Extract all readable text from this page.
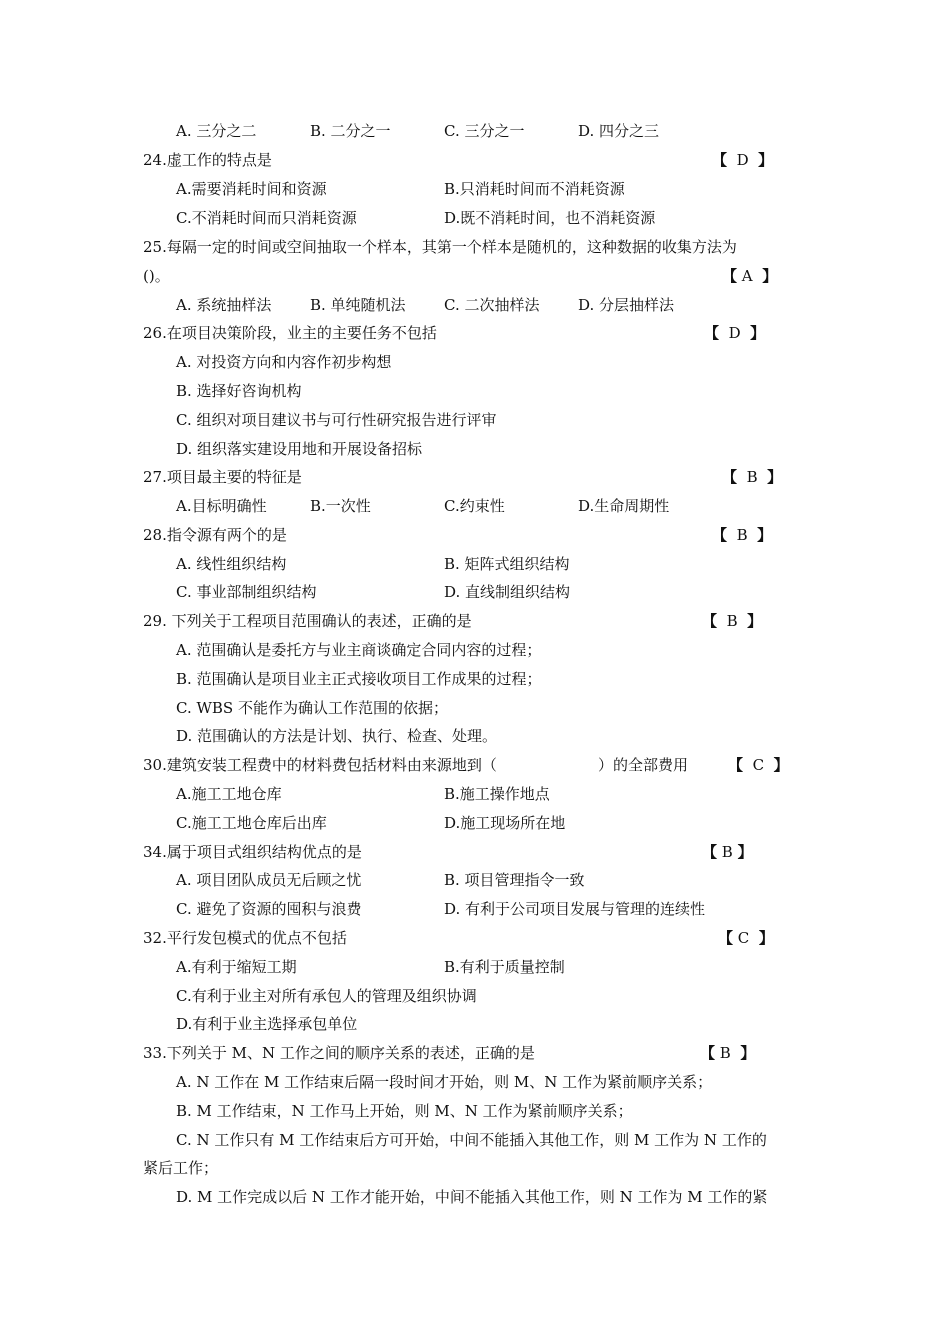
A. 三分之二	B. 二分之一	C. 三分之一	D. 四分之三
24.虚工作的特点是	【 D 】
A.需要消耗时间和资源	B.只消耗时间而不消耗资源
C.不消耗时间而只消耗资源	D.既不消耗时间，也不消耗资源
25.每隔一定的时间或空间抽取一个样本，其第一个样本是随机的，这种数据的收集方法为
()。	【 A 】
A. 系统抽样法	B. 单纯随机法	C. 二次抽样法	D. 分层抽样法
26.在项目决策阶段，业主的主要任务不包括	【 D 】
A. 对投资方向和内容作初步构想
B. 选择好咨询机构
C. 组织对项目建议书与可行性研究报告进行评审
D. 组织落实建设用地和开展设备招标
27.项目最主要的特征是	【 B 】
A.目标明确性	B.一次性	C.约束性	D.生命周期性
28.指令源有两个的是	【 B 】
A. 线性组织结构	B. 矩阵式组织结构
C. 事业部制组织结构	D. 直线制组织结构
29. 下列关于工程项目范围确认的表述，正确的是	【 B 】
A. 范围确认是委托方与业主商谈确定合同内容的过程；
B. 范围确认是项目业主正式接收项目工作成果的过程；
C. WBS 不能作为确认工作范围的依据；
D. 范围确认的方法是计划、执行、检查、处理。
30.建筑安装工程费中的材料费包括材料由来源地到（	）的全部费用	【 C 】
A.施工工地仓库	B.施工操作地点
C.施工工地仓库后出库	D.施工现场所在地
34.属于项目式组织结构优点的是	【 B 】
A. 项目团队成员无后顾之忧	B. 项目管理指令一致
C. 避免了资源的囤积与浪费	D. 有利于公司项目发展与管理的连续性
32.平行发包模式的优点不包括	【 C 】
A.有利于缩短工期	B.有利于质量控制
C.有利于业主对所有承包人的管理及组织协调
D.有利于业主选择承包单位
33.下列关于 M、N 工作之间的顺序关系的表述，正确的是	【 B 】
A. N 工作在 M 工作结束后隔一段时间才开始，则 M、N 工作为紧前顺序关系；
B. M 工作结束，N 工作马上开始，则 M、N 工作为紧前顺序关系；
C. N 工作只有 M 工作结束后方可开始，中间不能插入其他工作，则 M 工作为 N 工作的
紧后工作；
D. M 工作完成以后 N 工作才能开始，中间不能插入其他工作，则 N 工作为 M 工作的紧
